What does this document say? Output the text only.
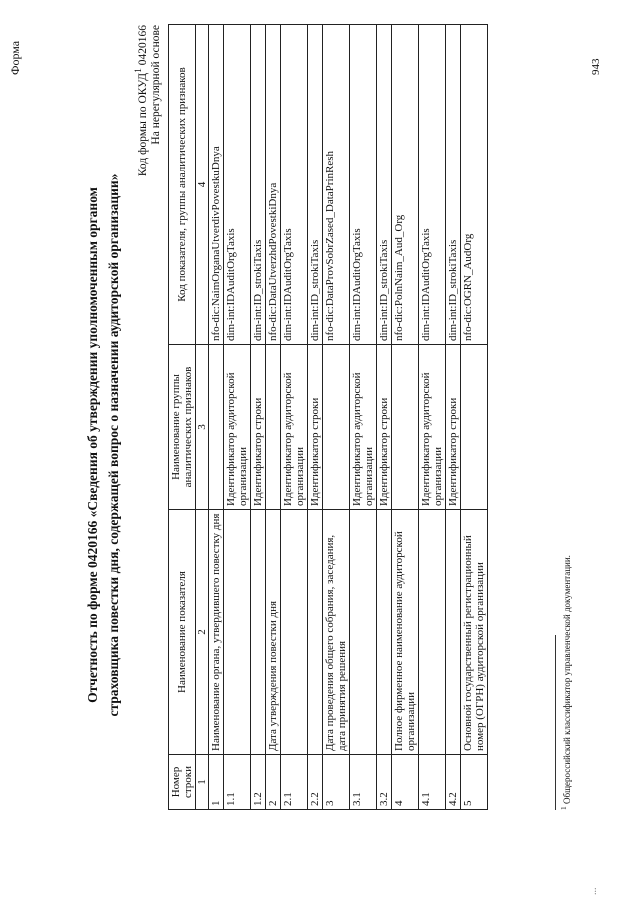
Форма
Отчетность по форме 0420166 «Сведения об утверждении уполномоченным органом страховщика повестки дня, содержащей вопрос о назначении аудиторской организации»
Код формы по ОКУД$^1$ 0420166 На нерегулярной основе
Номер строки	Наименование показателя	Наименование группы аналитических признаков	Код показателя, группы аналитических признаков
1	2	3	4
1	Наименование органа, утвердившего повестку дня		nfo-dic:NaimOrganaUtverdivPovestkuDnya
1.1		Идентификатор аудиторской организации	dim-int:IDAuditOrgTaxis
1.2		Идентификатор строки	dim-int:ID_strokiTaxis
2	Дата утверждения повестки дня		nfo-dic:DataUtverzhdPovestkiDnya
2.1		Идентификатор аудиторской организации	dim-int:IDAuditOrgTaxis
2.2		Идентификатор строки	dim-int:ID_strokiTaxis
3	Дата проведения общего собрания, заседания, дата принятия решения		nfo-dic:DataProvSobrZased_DataPrinResh
3.1		Идентификатор аудиторской организации	dim-int:IDAuditOrgTaxis
3.2		Идентификатор строки	dim-int:ID_strokiTaxis
4	Полное фирменное наименование аудиторской организации		nfo-dic:PolnNaim_Aud_Org
4.1		Идентификатор аудиторской организации	dim-int:IDAuditOrgTaxis
4.2		Идентификатор строки	dim-int:ID_strokiTaxis
5	Основной государственный регистрационный номер (ОГРН) аудиторской организации		nfo-dic:OGRN_AudOrg
$^1$ Общероссийский классификатор управленческой документации.
943
...
